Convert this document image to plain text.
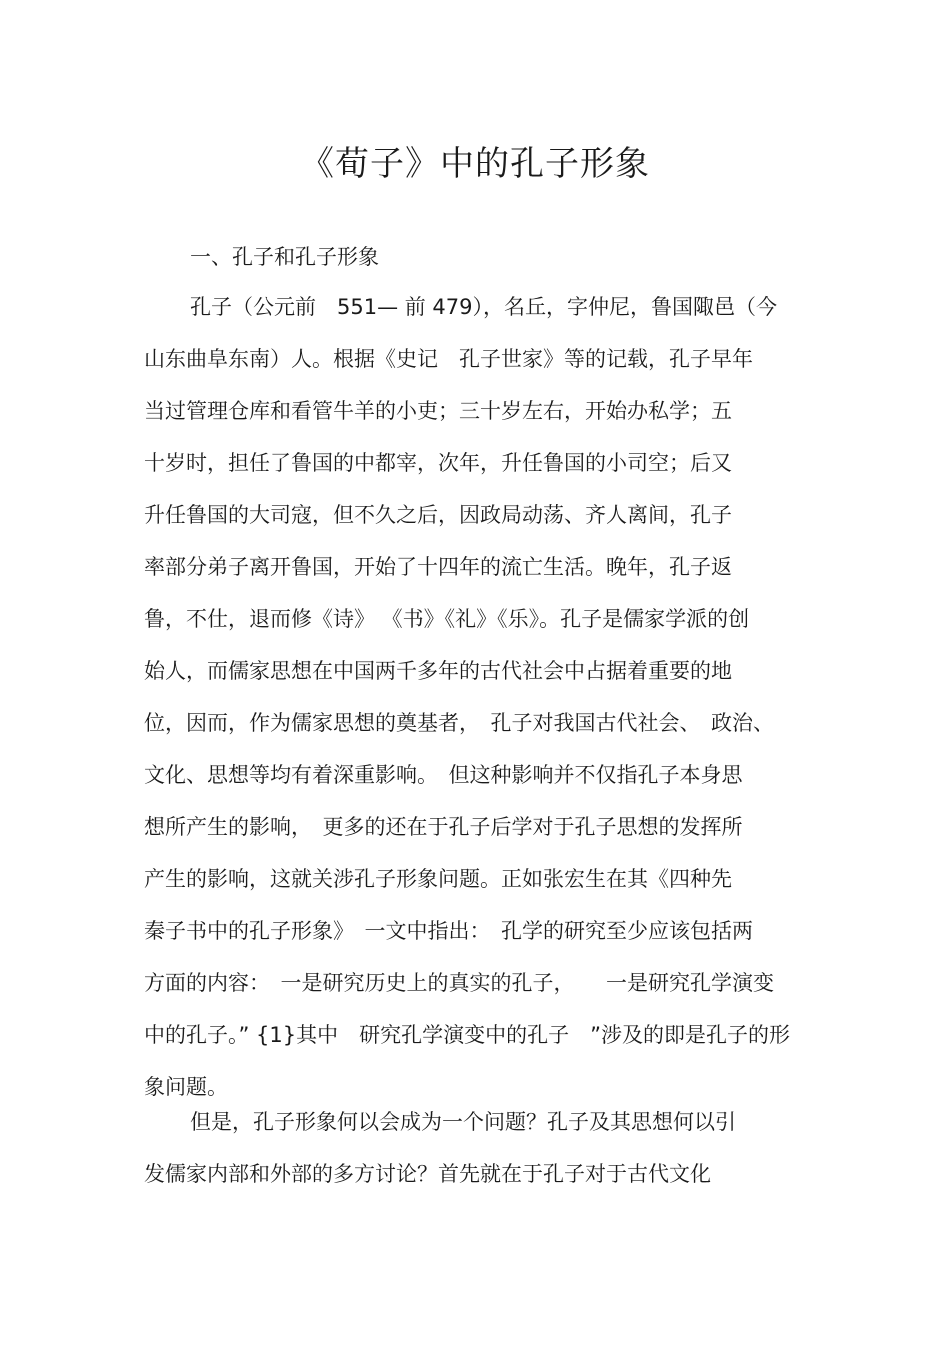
《荀子》中的孔子形象
一、孔子和孔子形象
孔子（公元前　551— 前 479），名丘，字仲尼，鲁国陬邑（今
山东曲阜东南）人。根据《史记　孔子世家》等的记载，孔子早年
当过管理仓库和看管牛羊的小吏；三十岁左右，开始办私学；五
十岁时，担任了鲁国的中都宰，次年，升任鲁国的小司空；后又
升任鲁国的大司寇，但不久之后，因政局动荡、齐人离间，孔子
率部分弟子离开鲁国，开始了十四年的流亡生活。晚年，孔子返
鲁，不仕，退而修《诗》 《书》《礼》《乐》。孔子是儒家学派的创
始人，而儒家思想在中国两千多年的古代社会中占据着重要的地
位，因而，作为儒家思想的奠基者，　孔子对我国古代社会、　政治、
文化、思想等均有着深重影响。　但这种影响并不仅指孔子本身思
想所产生的影响，　更多的还在于孔子后学对于孔子思想的发挥所
产生的影响，这就关涉孔子形象问题。正如张宏生在其《四种先
秦子书中的孔子形象》　一文中指出：　孔学的研究至少应该包括两
方面的内容：　一是研究历史上的真实的孔子，　　一是研究孔学演变
中的孔子。” {1}其中　研究孔学演变中的孔子　”涉及的即是孔子的形
象问题。
但是，孔子形象何以会成为一个问题？孔子及其思想何以引
发儒家内部和外部的多方讨论？首先就在于孔子对于古代文化
